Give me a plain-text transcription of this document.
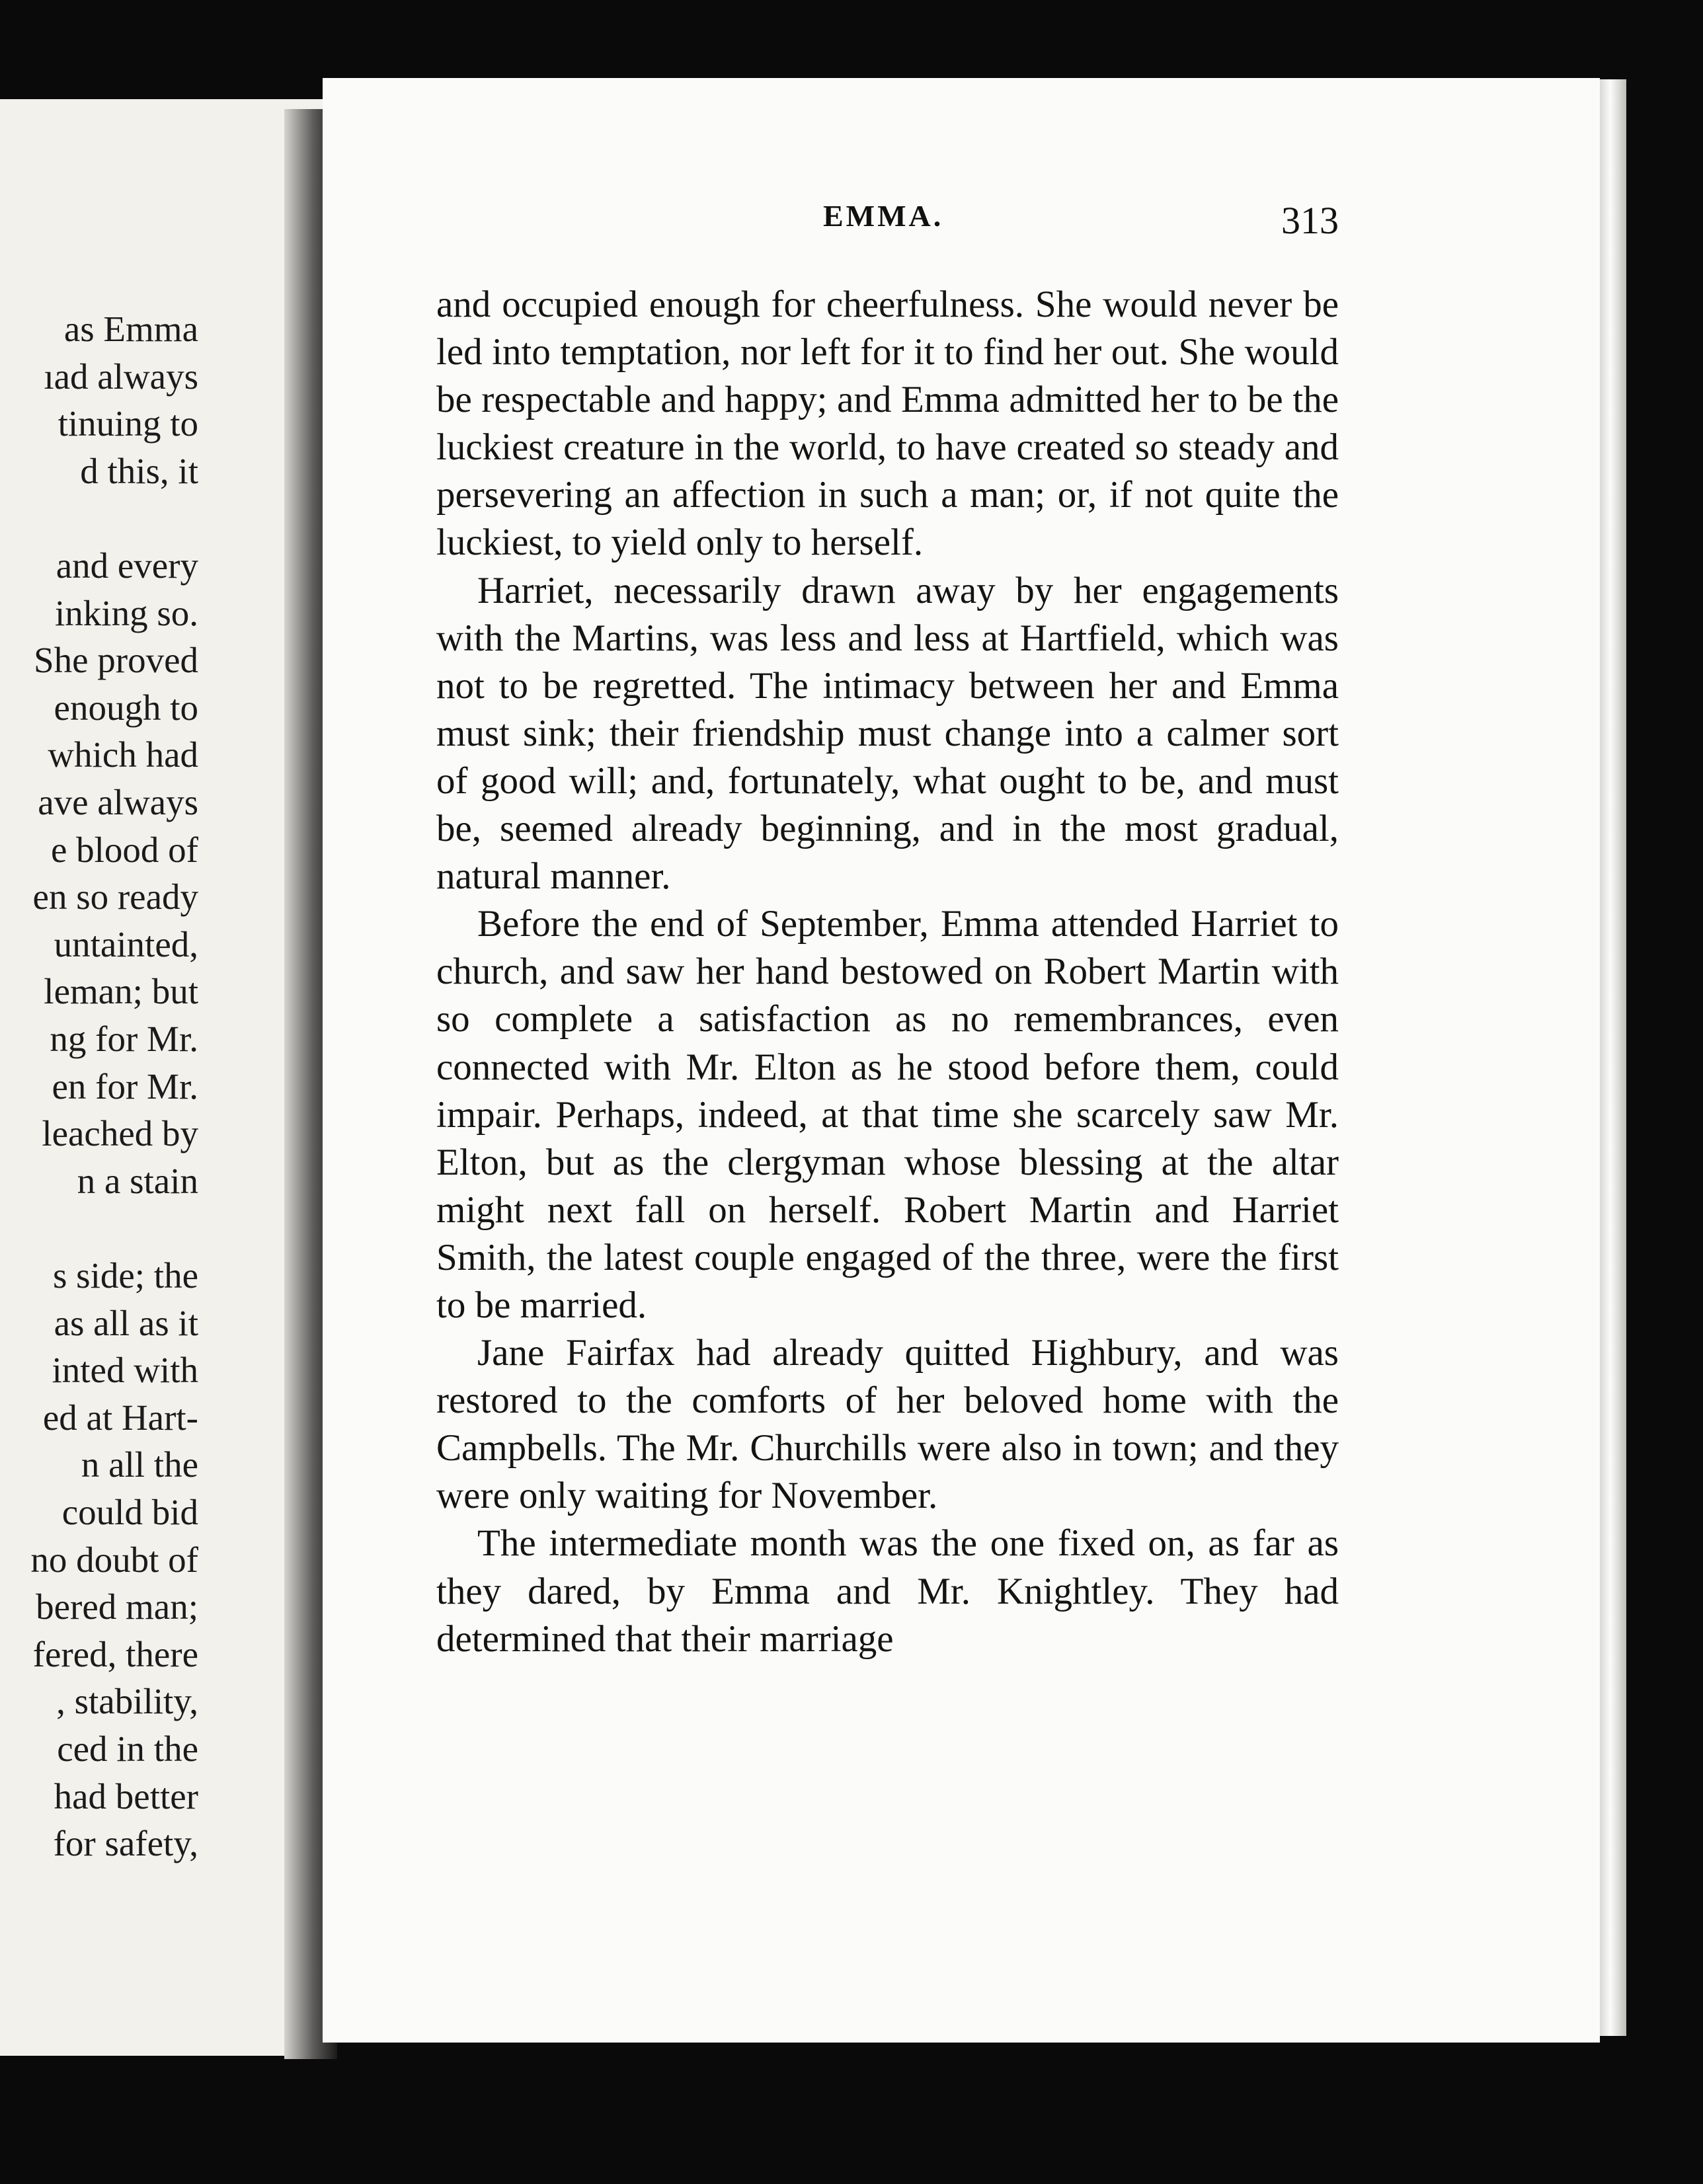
as Emma
ıad always
tinuing to
d this, it
and every
inking so.
She proved
enough to
which had
ave always
e blood of
en so ready
untainted,
leman; but
ng for Mr.
en for Mr.
leached by
n a stain
s side; the
as all as it
inted with
ed at Hart-
n all the
could bid
no doubt of
bered man;
fered, there
, stability,
ced in the
had better
for safety,
EMMA.	313

and occupied enough for cheerfulness. She would never be led into temptation, nor left for it to find her out. She would be respectable and happy; and Emma admitted her to be the luckiest creature in the world, to have created so steady and persevering an affection in such a man; or, if not quite the luckiest, to yield only to herself.

Harriet, necessarily drawn away by her engagements with the Martins, was less and less at Hartfield, which was not to be regretted. The intimacy between her and Emma must sink; their friendship must change into a calmer sort of good will; and, fortunately, what ought to be, and must be, seemed already beginning, and in the most gradual, natural manner.

Before the end of September, Emma attended Harriet to church, and saw her hand bestowed on Robert Martin with so complete a satisfaction as no remembrances, even connected with Mr. Elton as he stood before them, could impair. Perhaps, indeed, at that time she scarcely saw Mr. Elton, but as the clergyman whose blessing at the altar might next fall on herself. Robert Martin and Harriet Smith, the latest couple engaged of the three, were the first to be married.

Jane Fairfax had already quitted Highbury, and was restored to the comforts of her beloved home with the Campbells. The Mr. Churchills were also in town; and they were only waiting for November.

The intermediate month was the one fixed on, as far as they dared, by Emma and Mr. Knightley. They had determined that their marriage
